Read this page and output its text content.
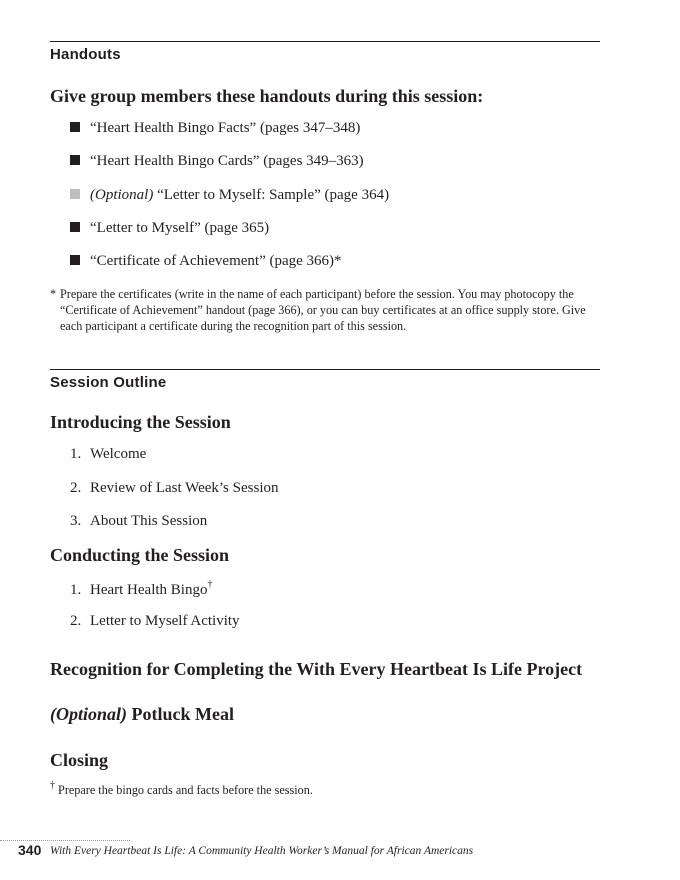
Handouts
Give group members these handouts during this session:
“Heart Health Bingo Facts” (pages 347–348)
“Heart Health Bingo Cards” (pages 349–363)
(Optional) “Letter to Myself: Sample” (page 364)
“Letter to Myself” (page 365)
“Certificate of Achievement” (page 366)*
* Prepare the certificates (write in the name of each participant) before the session. You may photocopy the “Certificate of Achievement” handout (page 366), or you can buy certificates at an office supply store. Give each participant a certificate during the recognition part of this session.
Session Outline
Introducing the Session
1. Welcome
2. Review of Last Week’s Session
3. About This Session
Conducting the Session
1. Heart Health Bingo†
2. Letter to Myself Activity
Recognition for Completing the With Every Heartbeat Is Life Project
(Optional) Potluck Meal
Closing
† Prepare the bingo cards and facts before the session.
340 With Every Heartbeat Is Life: A Community Health Worker’s Manual for African Americans
